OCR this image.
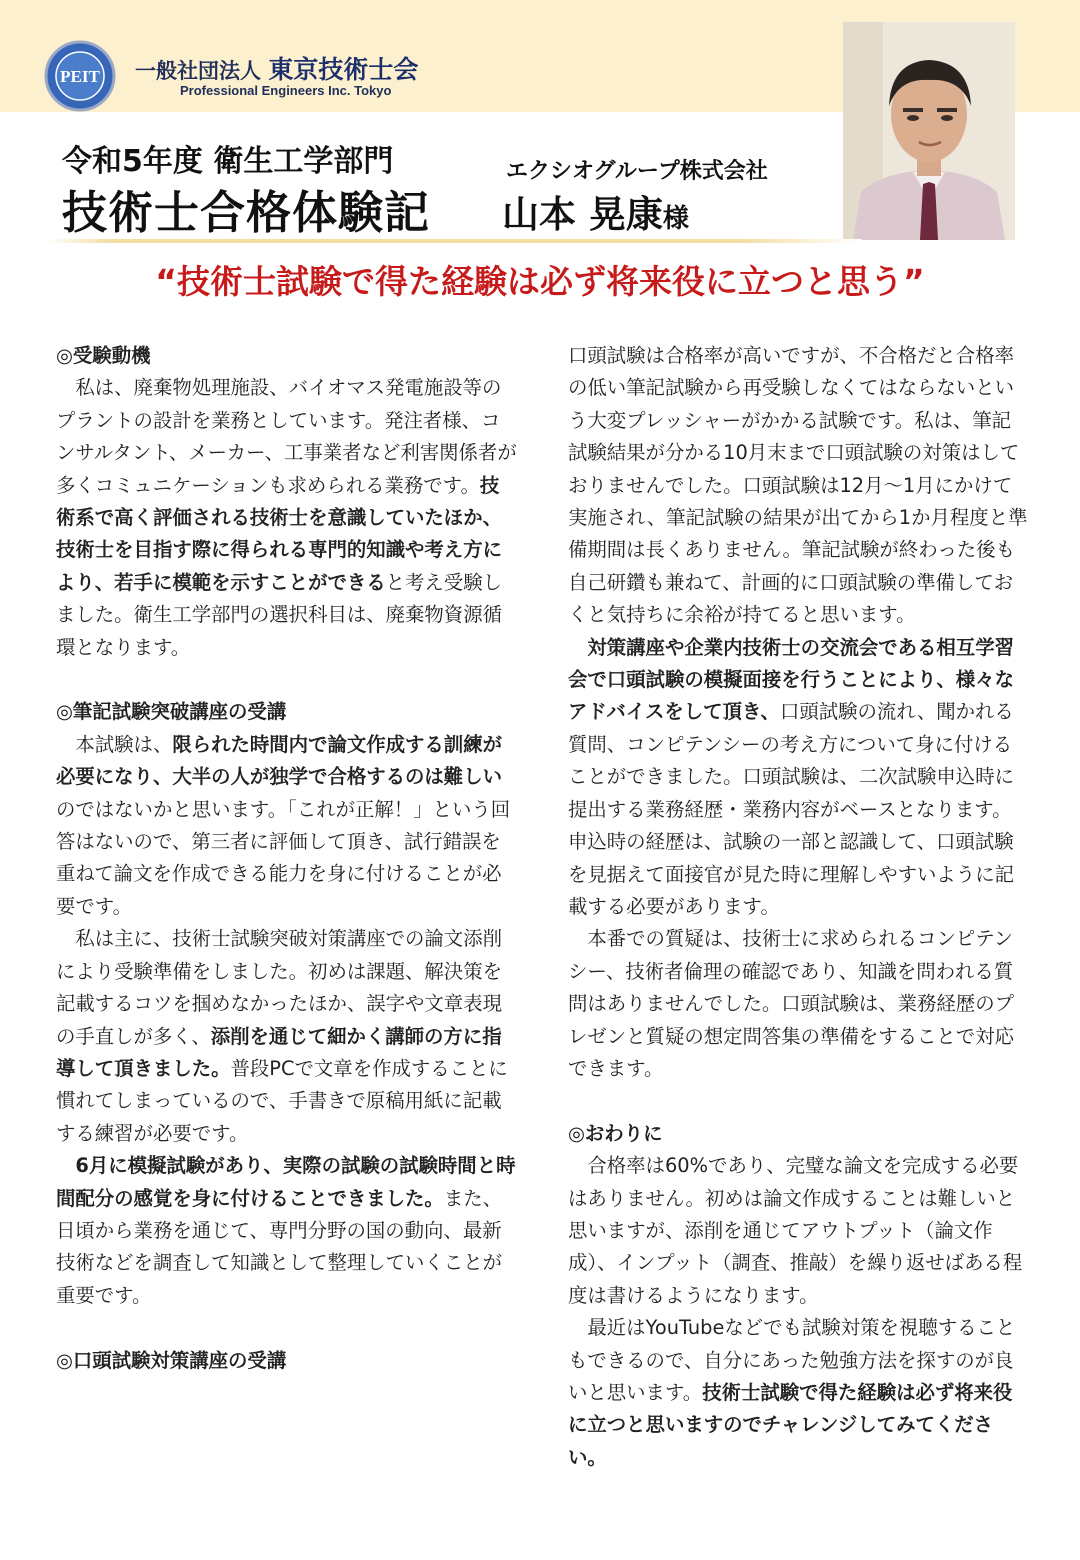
PEIT 一般社団法人 東京技術士会
Professional Engineers Inc. Tokyo
令和5年度 衛生工学部門
技術士合格体験記
エクシオグループ株式会社
山本 晃康様
“技術士試験で得た経験は必ず将来役に立つと思う”

◎受験動機

私は、廃棄物処理施設、バイオマス発電施設等のプラントの設計を業務としています。発注者様、コンサルタント、メーカー、工事業者など利害関係者が多くコミュニケーションも求められる業務です。技術系で高く評価される技術士を意識していたほか、技術士を目指す際に得られる専門的知識や考え方により、若手に模範を示すことができると考え受験しました。衛生工学部門の選択科目は、廃棄物資源循環となります。

◎筆記試験突破講座の受講

本試験は、限られた時間内で論文作成する訓練が必要になり、大半の人が独学で合格するのは難しいのではないかと思います。「これが正解！」という回答はないので、第三者に評価して頂き、試行錯誤を重ねて論文を作成できる能力を身に付けることが必要です。

私は主に、技術士試験突破対策講座での論文添削により受験準備をしました。初めは課題、解決策を記載するコツを掴めなかったほか、誤字や文章表現の手直しが多く、添削を通じて細かく講師の方に指導して頂きました。普段PCで文章を作成することに慣れてしまっているので、手書きで原稿用紙に記載する練習が必要です。

6月に模擬試験があり、実際の試験の試験時間と時間配分の感覚を身に付けることできました。また、日頃から業務を通じて、専門分野の国の動向、最新技術などを調査して知識として整理していくことが重要です。

◎口頭試験対策講座の受講

口頭試験は合格率が高いですが、不合格だと合格率の低い筆記試験から再受験しなくてはならないという大変プレッシャーがかかる試験です。私は、筆記試験結果が分かる10月末まで口頭試験の対策はしておりませんでした。口頭試験は12月～1月にかけて実施され、筆記試験の結果が出てから1か月程度と準備期間は長くありません。筆記試験が終わった後も自己研鑽も兼ねて、計画的に口頭試験の準備しておくと気持ちに余裕が持てると思います。

対策講座や企業内技術士の交流会である相互学習会で口頭試験の模擬面接を行うことにより、様々なアドバイスをして頂き、口頭試験の流れ、聞かれる質問、コンピテンシーの考え方について身に付けることができました。口頭試験は、二次試験申込時に提出する業務経歴・業務内容がベースとなります。申込時の経歴は、試験の一部と認識して、口頭試験を見据えて面接官が見た時に理解しやすいように記載する必要があります。

本番での質疑は、技術士に求められるコンピテンシー、技術者倫理の確認であり、知識を問われる質問はありませんでした。口頭試験は、業務経歴のプレゼンと質疑の想定問答集の準備をすることで対応できます。

◎おわりに

合格率は60%であり、完璧な論文を完成する必要はありません。初めは論文作成することは難しいと思いますが、添削を通じてアウトプット（論文作成）、インプット（調査、推敲）を繰り返せばある程度は書けるようになります。

最近はYouTubeなどでも試験対策を視聴することもできるので、自分にあった勉強方法を探すのが良いと思います。技術士試験で得た経験は必ず将来役に立つと思いますのでチャレンジしてみてください。
